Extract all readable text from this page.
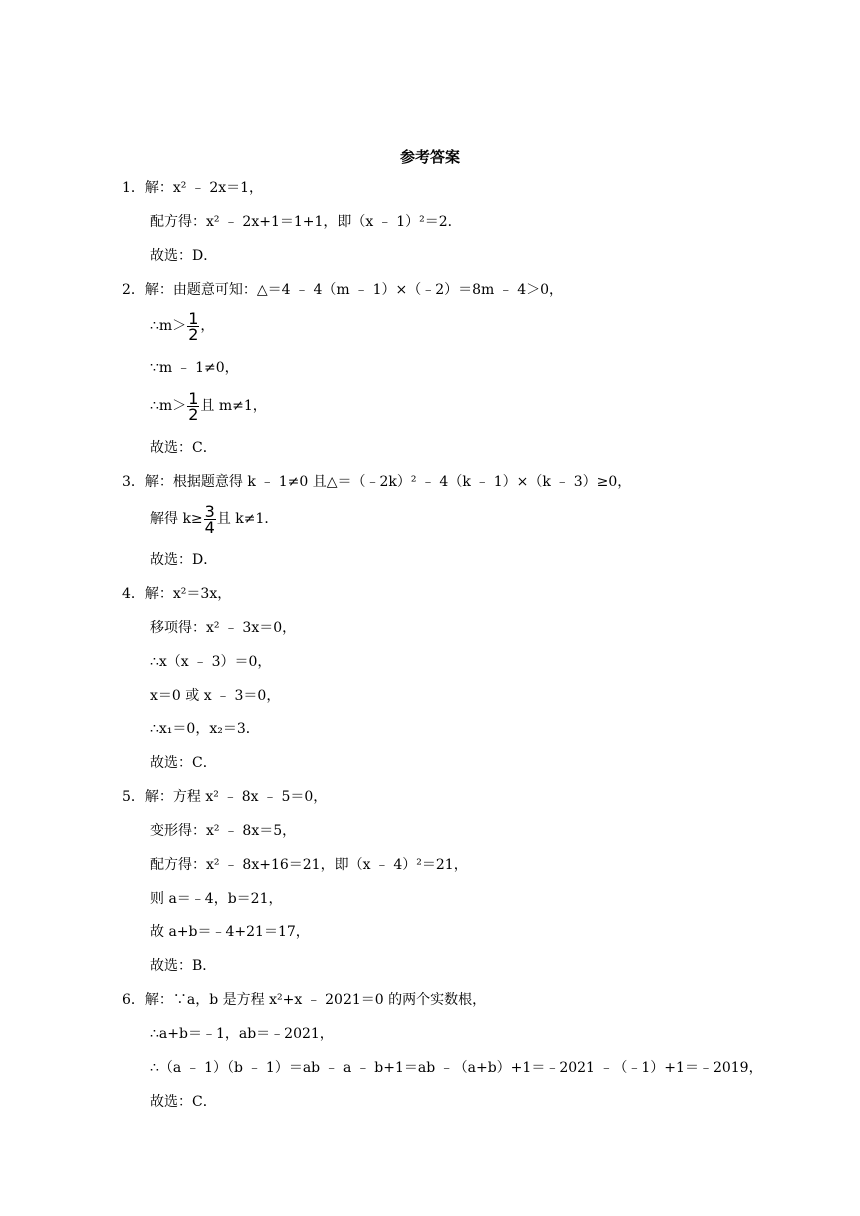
参考答案
1．解：x² ﹣ 2x＝1，
配方得：x² ﹣ 2x+1＝1+1，即（x ﹣ 1）²＝2．
故选：D．
2．解：由题意可知：△＝4 ﹣ 4（m ﹣ 1）×（﹣2）＝8m ﹣ 4＞0，
∴m＞ $\frac{1}{2}$ ，
∵m ﹣ 1≠0，
∴m＞ $\frac{1}{2}$ 且 m≠1，
故选：C．
3．解：根据题意得 k ﹣ 1≠0 且△＝（﹣2k）² ﹣ 4（k ﹣ 1）×（k ﹣ 3）≥0，
解得 $k\ge \frac{3}{4}$ 且 k≠1．
故选：D．
4．解：x²＝3x，
移项得：x² ﹣ 3x＝0，
∴x（x ﹣ 3）＝0，
x＝0 或 x ﹣ 3＝0，
∴x₁＝0，x₂＝3．
故选：C．
5．解：方程 x² ﹣ 8x ﹣ 5＝0，
变形得：x² ﹣ 8x＝5，
配方得：x² ﹣ 8x+16＝21，即（x ﹣ 4）²＝21，
则 a＝﹣4，b＝21，
故 a+b＝﹣4+21＝17，
故选：B．
6．解：∵a，b 是方程 x²+x ﹣ 2021＝0 的两个实数根，
∴a+b＝﹣1，ab＝﹣2021，
∴（a ﹣ 1）（b ﹣ 1）＝ab ﹣ a ﹣ b+1＝ab ﹣（a+b）+1＝﹣2021 ﹣（﹣1）+1＝﹣2019，
故选：C．
